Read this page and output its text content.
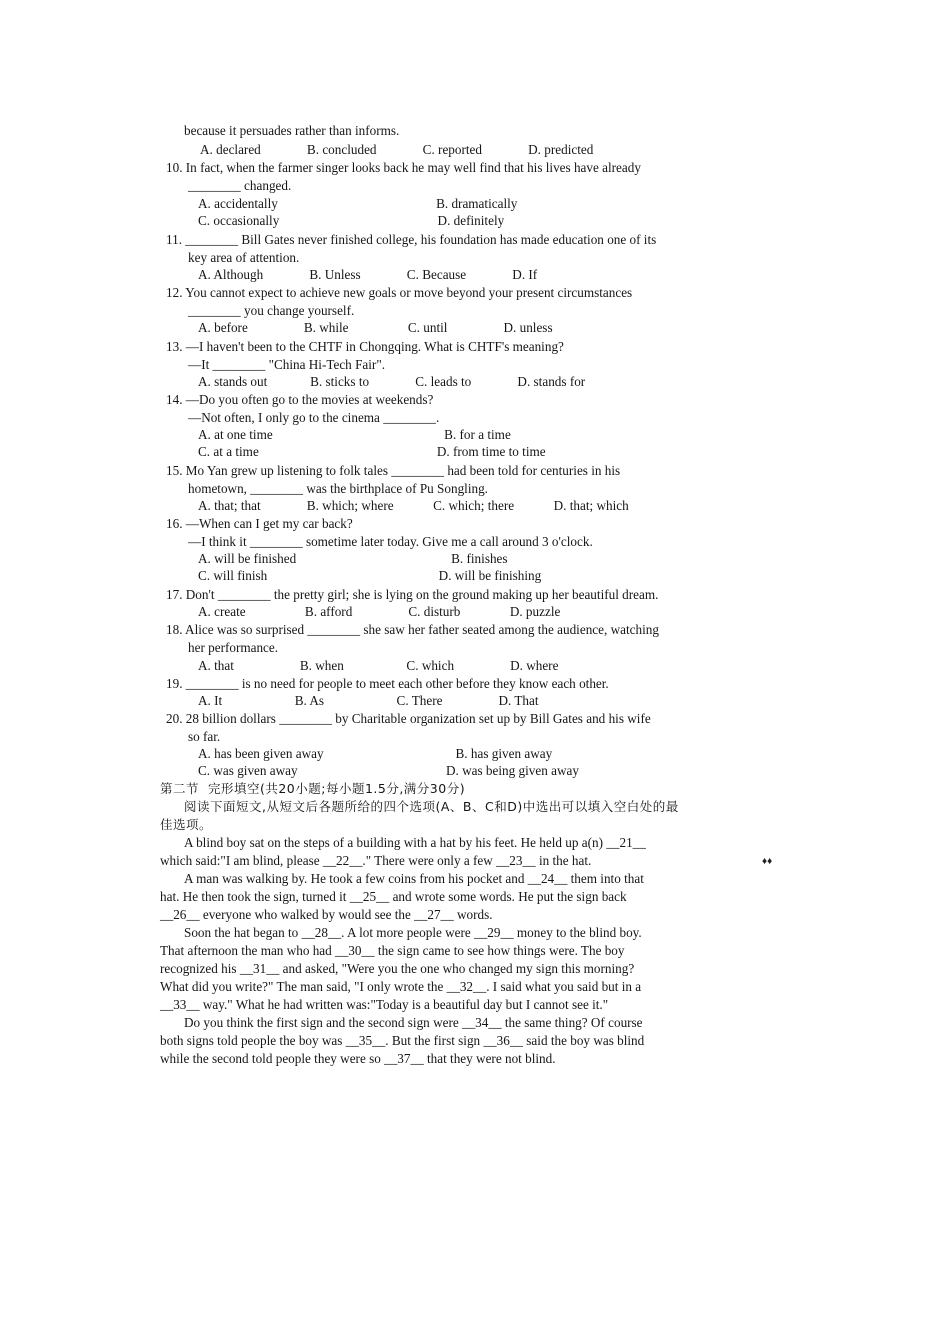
because it persuades rather than informs.
A. declared              B. concluded              C. reported              D. predicted
10. In fact, when the farmer singer looks back he may well find that his lives have already
________ changed.
A. accidentally                                                B. dramatically
C. occasionally                                                D. definitely
11. ________ Bill Gates never finished college, his foundation has made education one of its
key area of attention.
A. Although              B. Unless              C. Because              D. If
12. You cannot expect to achieve new goals or move beyond your present circumstances
________ you change yourself.
A. before                 B. while                  C. until                 D. unless
13. —I haven't been to the CHTF in Chongqing. What is CHTF's meaning?
—It ________ "China Hi-Tech Fair".
A. stands out             B. sticks to              C. leads to              D. stands for
14. —Do you often go to the movies at weekends?
—Not often, I only go to the cinema ________.
A. at one time                                                    B. for a time
C. at a time                                                      D. from time to time
15. Mo Yan grew up listening to folk tales ________ had been told for centuries in his
hometown, ________ was the birthplace of Pu Songling.
A. that; that              B. which; where            C. which; there            D. that; which
16. —When can I get my car back?
—I think it ________ sometime later today. Give me a call around 3 o'clock.
A. will be finished                                               B. finishes
C. will finish                                                    D. will be finishing
17. Don't ________ the pretty girl; she is lying on the ground making up her beautiful dream.
A. create                  B. afford                 C. disturb               D. puzzle
18. Alice was so surprised ________ she saw her father seated among the audience, watching
her performance.
A. that                    B. when                   C. which                 D. where
19. ________ is no need for people to meet each other before they know each other.
A. It                      B. As                      C. There                 D. That
20. 28 billion dollars ________ by Charitable organization set up by Bill Gates and his wife
so far.
A. has been given away                                        B. has given away
C. was given away                                             D. was being given away
第二节  完形填空(共20小题;每小题1.5分,满分30分)
阅读下面短文,从短文后各题所给的四个选项(A、B、C和D)中选出可以填入空白处的最
佳选项。
A blind boy sat on the steps of a building with a hat by his feet. He held up a(n) __21__
which said:"I am blind, please __22__." There were only a few __23__ in the hat.
A man was walking by. He took a few coins from his pocket and __24__ them into that
hat. He then took the sign, turned it __25__ and wrote some words. He put the sign back
__26__ everyone who walked by would see the __27__ words.
Soon the hat began to __28__. A lot more people were __29__ money to the blind boy.
That afternoon the man who had __30__ the sign came to see how things were. The boy
recognized his __31__ and asked, "Were you the one who changed my sign this morning?
What did you write?" The man said, "I only wrote the __32__. I said what you said but in a
__33__ way." What he had written was:"Today is a beautiful day but I cannot see it."
Do you think the first sign and the second sign were __34__ the same thing? Of course
both signs told people the boy was __35__. But the first sign __36__ said the boy was blind
while the second told people they were so __37__ that they were not blind.
♦♦
